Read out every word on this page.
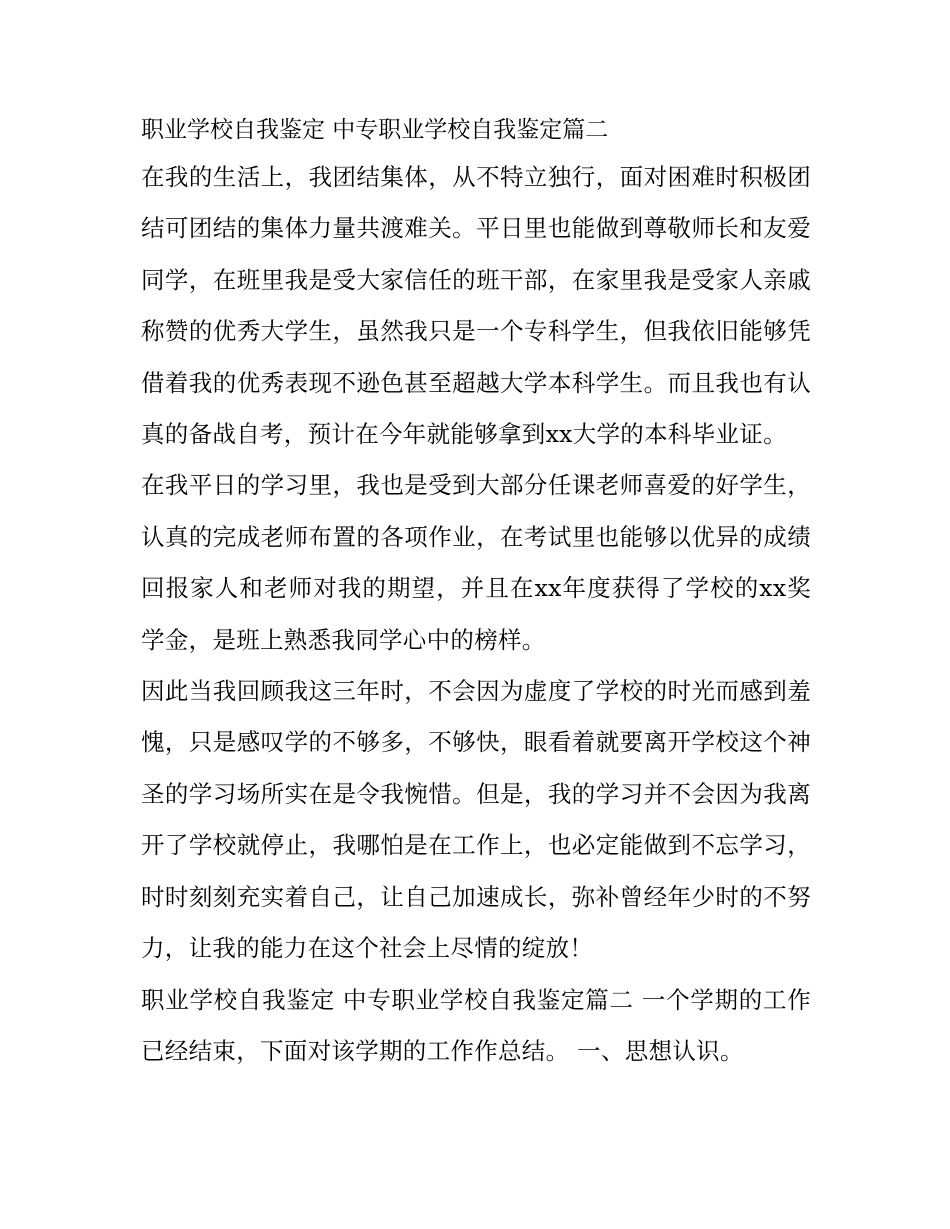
职业学校自我鉴定 中专职业学校自我鉴定篇二

在我的生活上，我团结集体，从不特立独行，面对困难时积极团结可团结的集体力量共渡难关。平日里也能做到尊敬师长和友爱同学，在班里我是受大家信任的班干部，在家里我是受家人亲戚称赞的优秀大学生，虽然我只是一个专科学生，但我依旧能够凭借着我的优秀表现不逊色甚至超越大学本科学生。而且我也有认真的备战自考，预计在今年就能够拿到xx大学的本科毕业证。

在我平日的学习里，我也是受到大部分任课老师喜爱的好学生，认真的完成老师布置的各项作业，在考试里也能够以优异的成绩回报家人和老师对我的期望，并且在xx年度获得了学校的xx奖学金，是班上熟悉我同学心中的榜样。

因此当我回顾我这三年时，不会因为虚度了学校的时光而感到羞愧，只是感叹学的不够多，不够快，眼看着就要离开学校这个神圣的学习场所实在是令我惋惜。但是，我的学习并不会因为我离开了学校就停止，我哪怕是在工作上，也必定能做到不忘学习，时时刻刻充实着自己，让自己加速成长，弥补曾经年少时的不努力，让我的能力在这个社会上尽情的绽放！

职业学校自我鉴定 中专职业学校自我鉴定篇二 一个学期的工作已经结束，下面对该学期的工作作总结。 一、思想认识。
